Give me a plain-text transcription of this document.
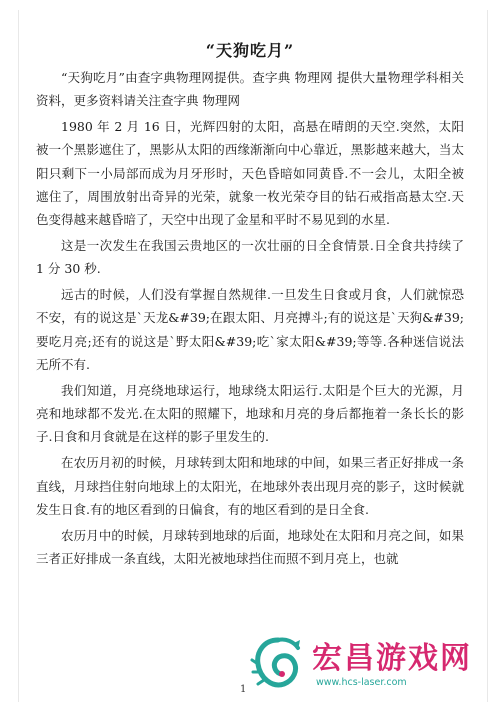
“天狗吃月”

“天狗吃月”由查字典物理网提供。查字典 物理网 提供大量物理学科相关资料，更多资料请关注查字典 物理网

1980 年 2 月 16 日，光辉四射的太阳，高悬在晴朗的天空.突然，太阳被一个黑影遮住了，黑影从太阳的西缘渐渐向中心靠近，黑影越来越大，当太阳只剩下一小局部而成为月牙形时，天色昏暗如同黄昏.不一会儿，太阳全被遮住了，周围放射出奇异的光荣，就象一枚光荣夺目的钻石戒指高悬太空.天色变得越来越昏暗了，天空中出现了金星和平时不易见到的水星.

这是一次发生在我国云贵地区的一次壮丽的日全食情景.日全食共持续了 1 分 30 秒.

远古的时候，人们没有掌握自然规律.一旦发生日食或月食，人们就惊恐不安，有的说这是`天龙&#39;在跟太阳、月亮搏斗;有的说这是`天狗&#39;要吃月亮;还有的说这是`野太阳&#39;吃`家太阳&#39;等等.各种迷信说法无所不有.

我们知道，月亮绕地球运行，地球绕太阳运行.太阳是个巨大的光源，月亮和地球都不发光.在太阳的照耀下，地球和月亮的身后都拖着一条长长的影子.日食和月食就是在这样的影子里发生的.

在农历月初的时候，月球转到太阳和地球的中间，如果三者正好排成一条直线，月球挡住射向地球上的太阳光，在地球外表出现月亮的影子，这时候就发生日食.有的地区看到的日偏食，有的地区看到的是日全食.

农历月中的时候，月球转到地球的后面，地球处在太阳和月亮之间，如果三者正好排成一条直线，太阳光被地球挡住而照不到月亮上，也就

1
宏昌游戏网
www.hcs-laser.com
